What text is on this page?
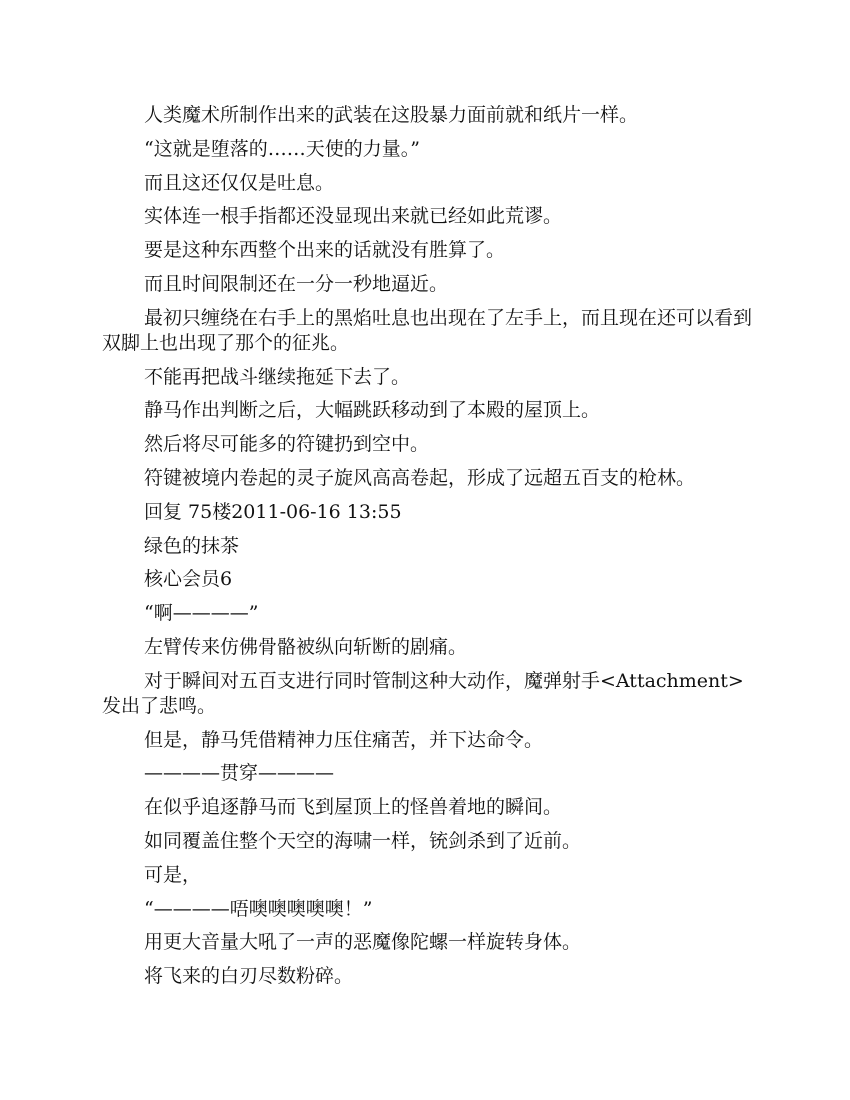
人类魔术所制作出来的武装在这股暴力面前就和纸片一样。

“这就是堕落的……天使的力量。”

而且这还仅仅是吐息。

实体连一根手指都还没显现出来就已经如此荒谬。

要是这种东西整个出来的话就没有胜算了。

而且时间限制还在一分一秒地逼近。

最初只缠绕在右手上的黑焰吐息也出现在了左手上，而且现在还可以看到双脚上也出现了那个的征兆。

不能再把战斗继续拖延下去了。

静马作出判断之后，大幅跳跃移动到了本殿的屋顶上。

然后将尽可能多的符键扔到空中。

符键被境内卷起的灵子旋风高高卷起，形成了远超五百支的枪林。

回复 75楼2011-06-16 13:55

绿色的抹茶

核心会员6

“啊————”

左臂传来仿佛骨骼被纵向斩断的剧痛。

对于瞬间对五百支进行同时管制这种大动作，魔弹射手<Attachment>发出了悲鸣。

但是，静马凭借精神力压住痛苦，并下达命令。

————贯穿————

在似乎追逐静马而飞到屋顶上的怪兽着地的瞬间。

如同覆盖住整个天空的海啸一样，铳剑杀到了近前。

可是，

“————唔噢噢噢噢噢！”

用更大音量大吼了一声的恶魔像陀螺一样旋转身体。

将飞来的白刃尽数粉碎。
